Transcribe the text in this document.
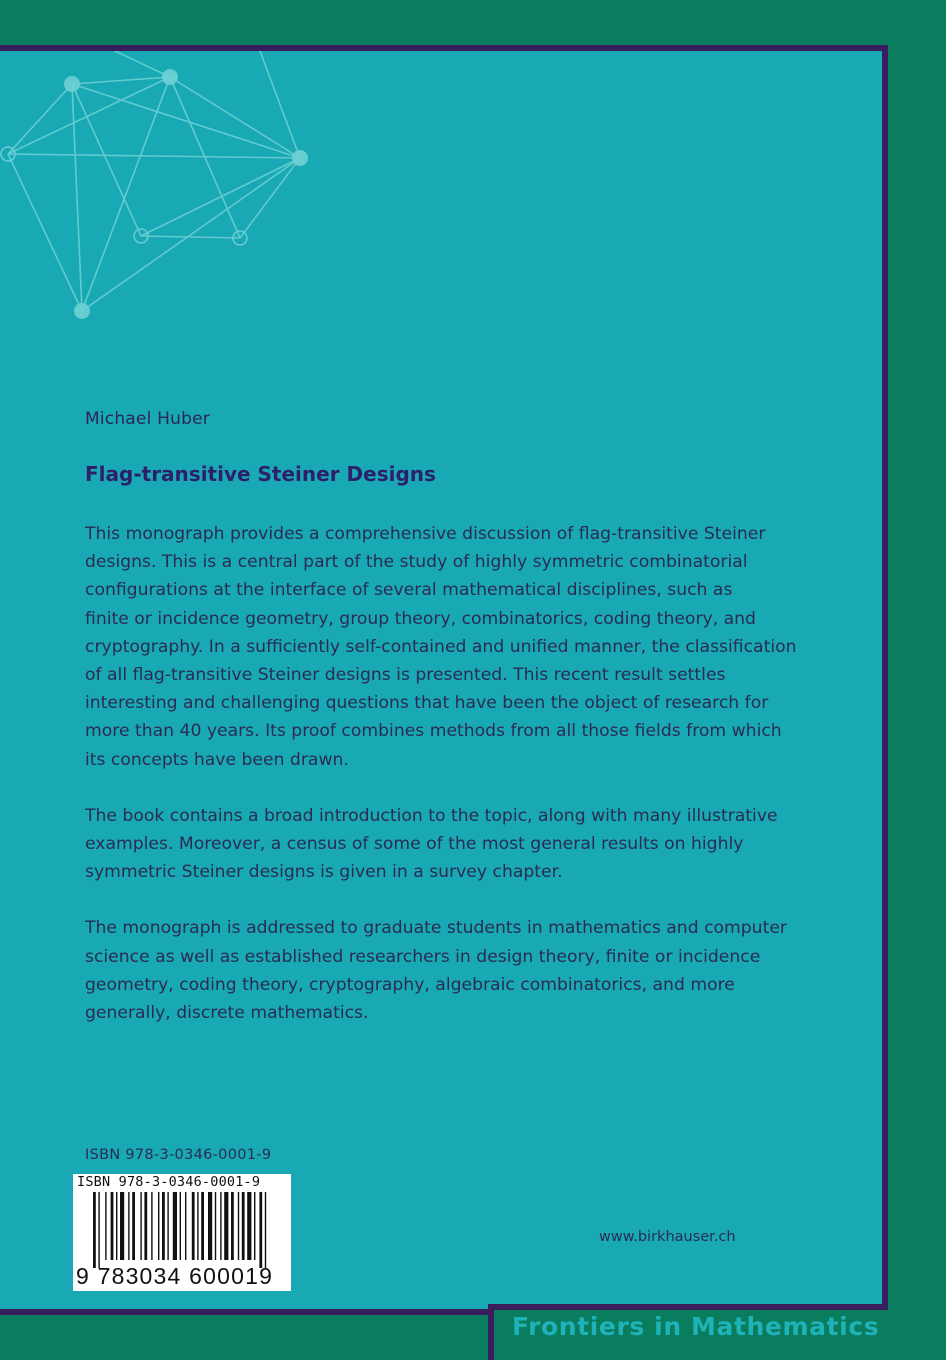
Michael Huber
Flag-transitive Steiner Designs

This monograph provides a comprehensive discussion of flag-transitive Steiner
designs. This is a central part of the study of highly symmetric combinatorial
configurations at the interface of several mathematical disciplines, such as
finite or incidence geometry, group theory, combinatorics, coding theory, and
cryptography. In a sufficiently self-contained and unified manner, the classification
of all flag-transitive Steiner designs is presented. This recent result settles
interesting and challenging questions that have been the object of research for
more than 40 years. Its proof combines methods from all those fields from which
its concepts have been drawn.

The book contains a broad introduction to the topic, along with many illustrative
examples. Moreover, a census of some of the most general results on highly
symmetric Steiner designs is given in a survey chapter.

The monograph is addressed to graduate students in mathematics and computer
science as well as established researchers in design theory, finite or incidence
geometry, coding theory, cryptography, algebraic combinatorics, and more
generally, discrete mathematics.

ISBN 978-3-0346-0001-9
ISBN 978-3-0346-0001-9
9 783034 600019
www.birkhauser.ch
Frontiers in Mathematics
